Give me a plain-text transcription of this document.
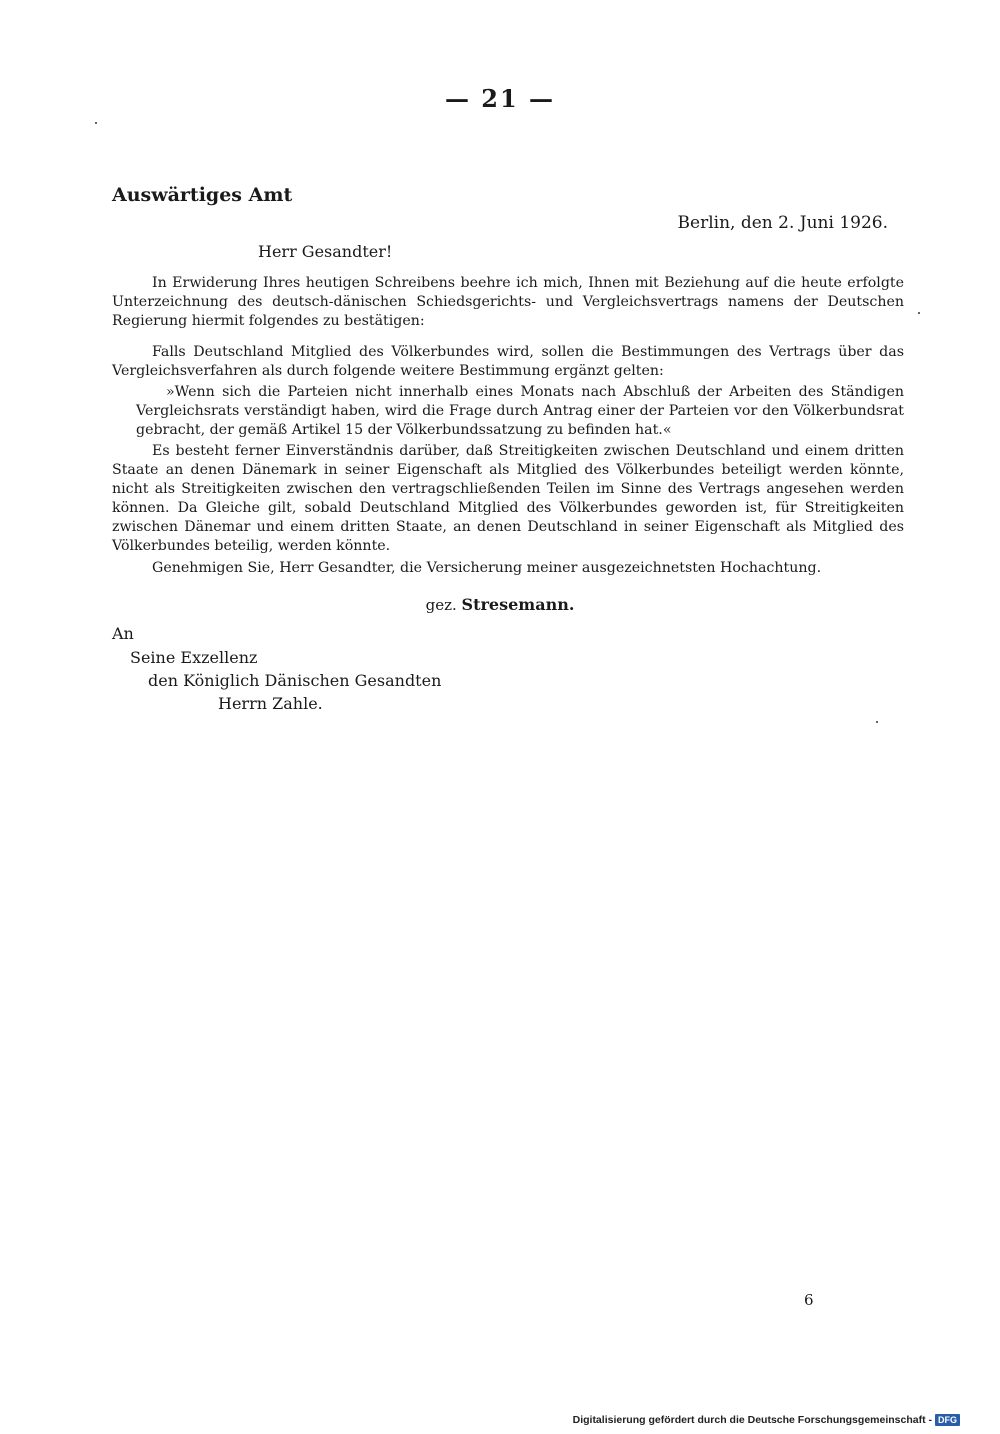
— 21 —
Auswärtiges Amt
Berlin, den 2. Juni 1926.
Herr Gesandter!
In Erwiderung Ihres heutigen Schreibens beehre ich mich, Ihnen mit Beziehung auf die heute erfolgte Unterzeichnung des deutsch-dänischen Schiedsgerichts- und Vergleichsvertrags namens der Deutschen Regierung hiermit folgendes zu bestätigen:
Falls Deutschland Mitglied des Völkerbundes wird, sollen die Bestimmungen des Vertrags über das Vergleichsverfahren als durch folgende weitere Bestimmung ergänzt gelten:
»Wenn sich die Parteien nicht innerhalb eines Monats nach Abschluß der Arbeiten des Ständigen Vergleichsrats verständigt haben, wird die Frage durch Antrag einer der Parteien vor den Völkerbundsrat gebracht, der gemäß Artikel 15 der Völkerbundssatzung zu befinden hat.«
Es besteht ferner Einverständnis darüber, daß Streitigkeiten zwischen Deutschland und einem dritten Staate an denen Dänemark in seiner Eigenschaft als Mitglied des Völkerbundes beteiligt werden könnte, nicht als Streitigkeiten zwischen den vertragschließenden Teilen im Sinne des Vertrags angesehen werden können. Da Gleiche gilt, sobald Deutschland Mitglied des Völkerbundes geworden ist, für Streitigkeiten zwischen Dänemar und einem dritten Staate, an denen Deutschland in seiner Eigenschaft als Mitglied des Völkerbundes beteilig, werden könnte.
Genehmigen Sie, Herr Gesandter, die Versicherung meiner ausgezeichnetsten Hochachtung.
gez. Stresemann.
An
Seine Exzellenz
den Königlich Dänischen Gesandten
Herrn Zahle.
6
Digitalisierung gefördert durch die Deutsche Forschungsgemeinschaft - DFG
